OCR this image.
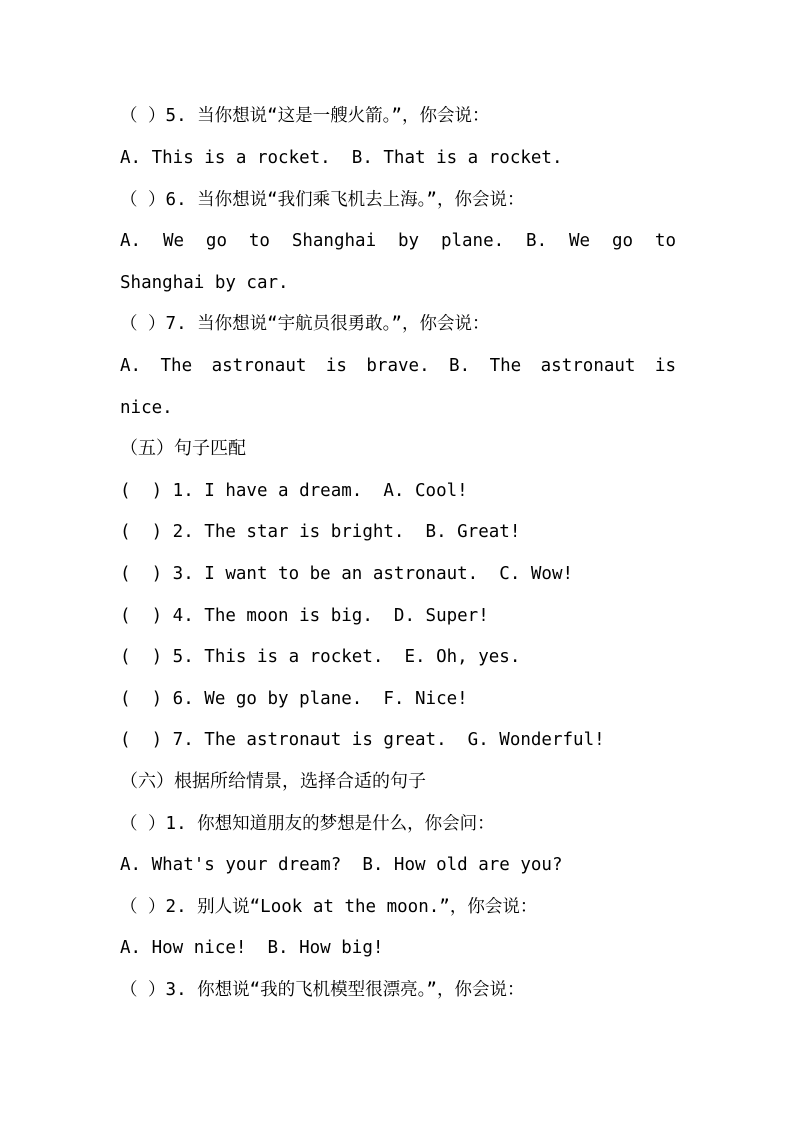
（ ）5. 当你想说“这是一艘火箭。”，你会说：
A. This is a rocket.  B. That is a rocket.
（ ）6. 当你想说“我们乘飞机去上海。”，你会说：
A. We go to Shanghai by plane. B. We go to
Shanghai by car.
（ ）7. 当你想说“宇航员很勇敢。”，你会说：
A. The astronaut is brave. B. The astronaut is
nice.
（五）句子匹配
(  ) 1. I have a dream.  A. Cool!
(  ) 2. The star is bright.  B. Great!
(  ) 3. I want to be an astronaut.  C. Wow!
(  ) 4. The moon is big.  D. Super!
(  ) 5. This is a rocket.  E. Oh, yes.
(  ) 6. We go by plane.  F. Nice!
(  ) 7. The astronaut is great.  G. Wonderful!
（六）根据所给情景，选择合适的句子
（ ）1. 你想知道朋友的梦想是什么，你会问：
A. What's your dream?  B. How old are you?
（ ）2. 别人说“Look at the moon.”，你会说：
A. How nice!  B. How big!
（ ）3. 你想说“我的飞机模型很漂亮。”，你会说：
